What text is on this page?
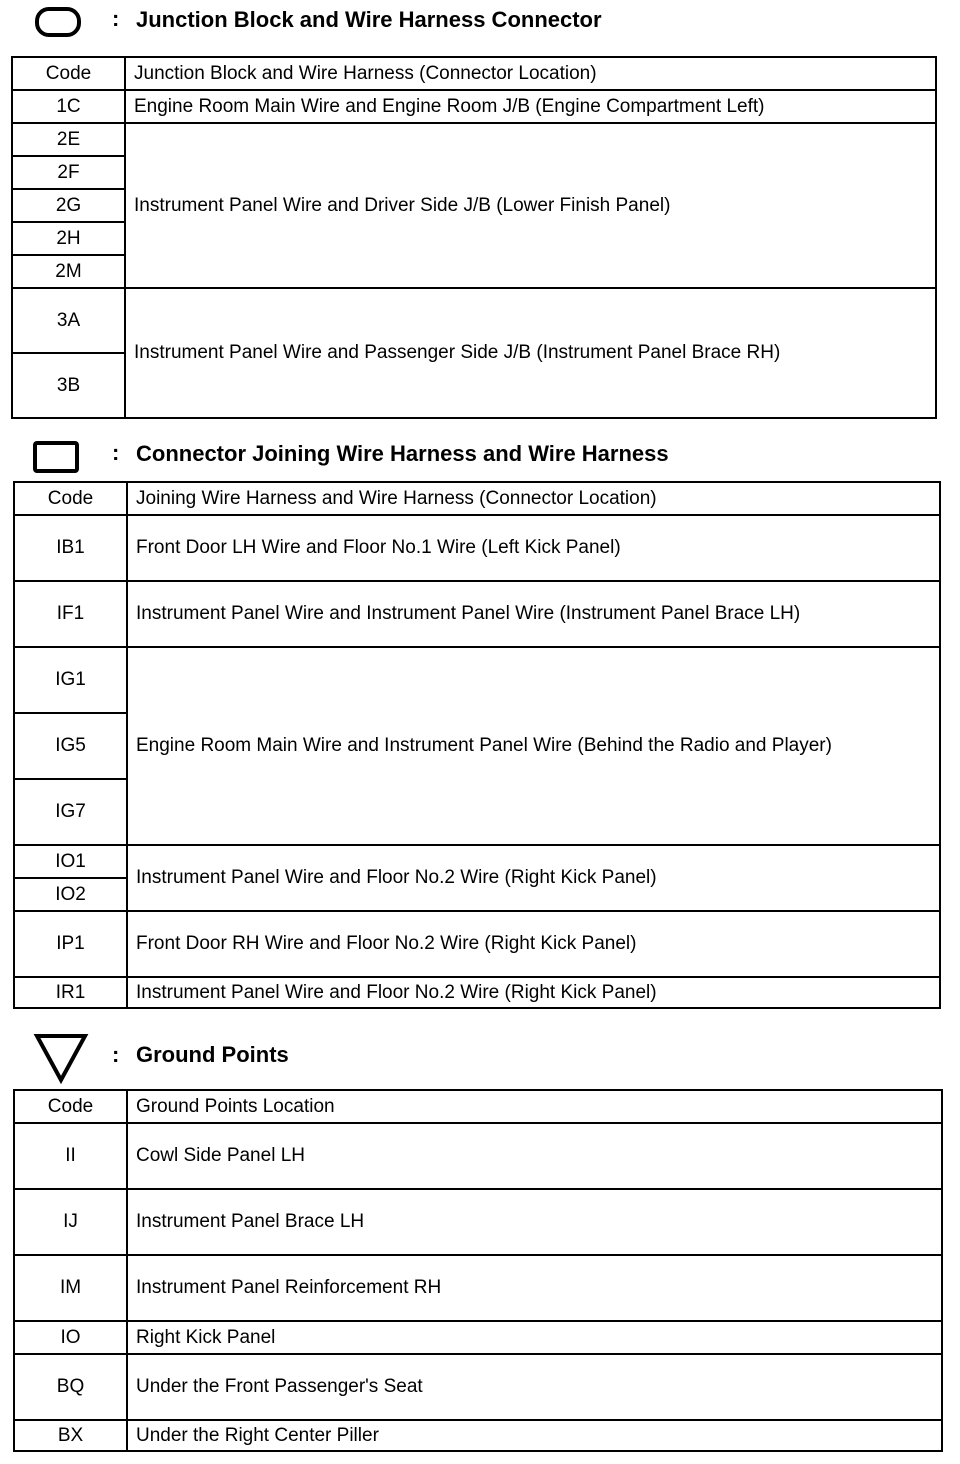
: Junction Block and Wire Harness Connector
Code	Junction Block and Wire Harness (Connector Location)
1C	Engine Room Main Wire and Engine Room J/B (Engine Compartment Left)
2E	Instrument Panel Wire and Driver Side J/B (Lower Finish Panel)
2F	
2G	
2H	
2M	
3A	Instrument Panel Wire and Passenger Side J/B (Instrument Panel Brace RH)
3B	
: Connector Joining Wire Harness and Wire Harness
Code	Joining Wire Harness and Wire Harness (Connector Location)
IB1	Front Door LH Wire and Floor No.1 Wire (Left Kick Panel)
IF1	Instrument Panel Wire and Instrument Panel Wire (Instrument Panel Brace LH)
IG1	Engine Room Main Wire and Instrument Panel Wire (Behind the Radio and Player)
IG5	
IG7	
IO1	Instrument Panel Wire and Floor No.2 Wire (Right Kick Panel)
IO2	
IP1	Front Door RH Wire and Floor No.2 Wire (Right Kick Panel)
IR1	Instrument Panel Wire and Floor No.2 Wire (Right Kick Panel)
: Ground Points
Code	Ground Points Location
II	Cowl Side Panel LH
IJ	Instrument Panel Brace LH
IM	Instrument Panel Reinforcement RH
IO	Right Kick Panel
BQ	Under the Front Passenger's Seat
BX	Under the Right Center Piller
